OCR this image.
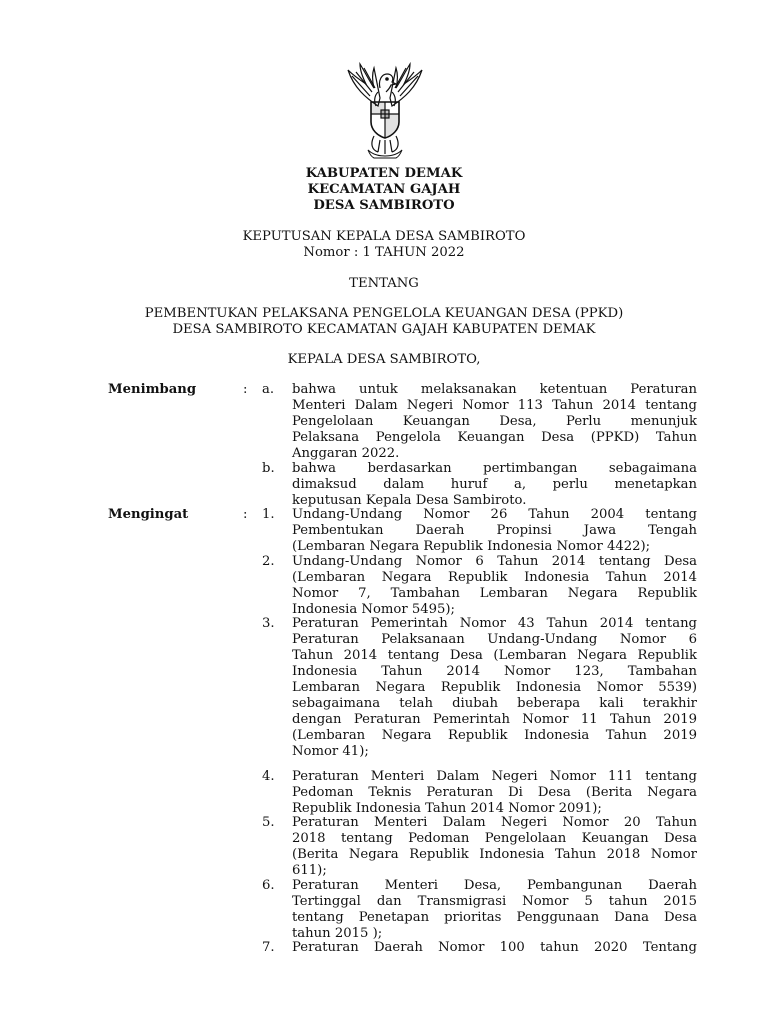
KABUPATEN DEMAK
KECAMATAN GAJAH
DESA SAMBIROTO
KEPUTUSAN KEPALA DESA SAMBIROTO
Nomor : 1 TAHUN 2022
TENTANG
PEMBENTUKAN PELAKSANA PENGELOLA KEUANGAN DESA (PPKD)
DESA SAMBIROTO KECAMATAN GAJAH KABUPATEN DEMAK
KEPALA DESA SAMBIROTO,
Menimbang	: a.	bahwa untuk melaksanakan ketentuan Peraturan
Menteri Dalam Negeri Nomor 113 Tahun 2014 tentang
Pengelolaan Keuangan Desa, Perlu menunjuk
Pelaksana Pengelola Keuangan Desa (PPKD) Tahun
Anggaran 2022.
b.	bahwa berdasarkan pertimbangan sebagaimana
dimaksud dalam huruf a, perlu menetapkan
keputusan Kepala Desa Sambiroto.
Mengingat	: 1.	Undang-Undang Nomor 26 Tahun 2004 tentang
Pembentukan Daerah Propinsi Jawa Tengah
(Lembaran Negara Republik Indonesia Nomor 4422);
2.	Undang-Undang Nomor 6 Tahun 2014 tentang Desa
(Lembaran Negara Republik Indonesia Tahun 2014
Nomor 7, Tambahan Lembaran Negara Republik
Indonesia Nomor 5495);
3.	Peraturan Pemerintah Nomor 43 Tahun 2014 tentang
Peraturan Pelaksanaan Undang-Undang Nomor 6
Tahun 2014 tentang Desa (Lembaran Negara Republik
Indonesia Tahun 2014 Nomor 123, Tambahan
Lembaran Negara Republik Indonesia Nomor 5539)
sebagaimana telah diubah beberapa kali terakhir
dengan Peraturan Pemerintah Nomor 11 Tahun 2019
(Lembaran Negara Republik Indonesia Tahun 2019
Nomor 41);
4.	Peraturan Menteri Dalam Negeri Nomor 111 tentang
Pedoman Teknis Peraturan Di Desa (Berita Negara
Republik Indonesia Tahun 2014 Nomor 2091);
5.	Peraturan Menteri Dalam Negeri Nomor 20 Tahun
2018 tentang Pedoman Pengelolaan Keuangan Desa
(Berita Negara Republik Indonesia Tahun 2018 Nomor
611);
6.	Peraturan Menteri Desa, Pembangunan Daerah
Tertinggal dan Transmigrasi Nomor 5 tahun 2015
tentang Penetapan prioritas Penggunaan Dana Desa
tahun 2015 );
7.	Peraturan Daerah Nomor 100 tahun 2020 Tentang
